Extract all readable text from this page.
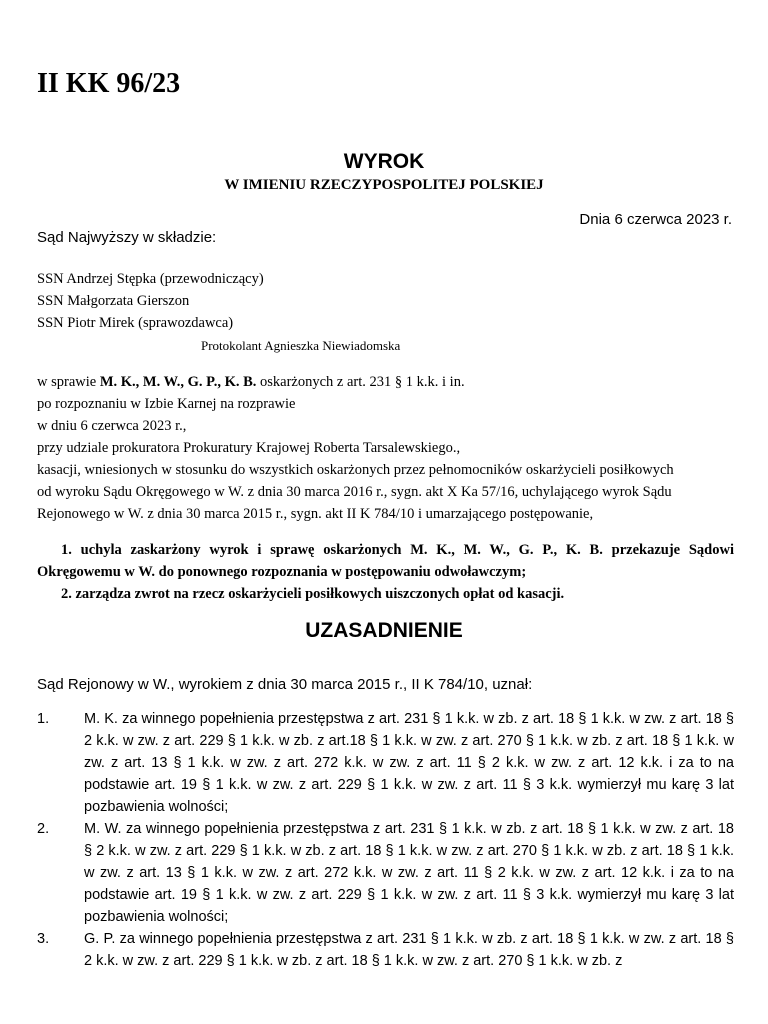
II KK 96/23
WYROK
W IMIENIU RZECZYPOSPOLITEJ POLSKIEJ
Dnia 6 czerwca 2023 r.
Sąd Najwyższy w składzie:
SSN Andrzej Stępka (przewodniczący)
SSN Małgorzata Gierszon
SSN Piotr Mirek (sprawozdawca)
Protokolant Agnieszka Niewiadomska
w sprawie M. K., M. W., G. P., K. B. oskarżonych z art. 231 § 1 k.k. i in.
po rozpoznaniu w Izbie Karnej na rozprawie
w dniu 6 czerwca 2023 r.,
przy udziale prokuratora Prokuratury Krajowej Roberta Tarsalewskiego.,
kasacji, wniesionych w stosunku do wszystkich oskarżonych przez pełnomocników oskarżycieli posiłkowych
od wyroku Sądu Okręgowego w W. z dnia 30 marca 2016 r., sygn. akt X Ka 57/16, uchylającego wyrok Sądu
Rejonowego w W. z dnia 30 marca 2015 r., sygn. akt II K 784/10 i umarzającego postępowanie,
1. uchyla zaskarżony wyrok i sprawę oskarżonych M. K., M. W., G. P., K. B. przekazuje Sądowi Okręgowemu w W. do ponownego rozpoznania w postępowaniu odwoławczym;
2. zarządza zwrot na rzecz oskarżycieli posiłkowych uiszczonych opłat od kasacji.
UZASADNIENIE
Sąd Rejonowy w W., wyrokiem z dnia 30 marca 2015 r., II K 784/10, uznał:
1. M. K. za winnego popełnienia przestępstwa z art. 231 § 1 k.k. w zb. z art. 18 § 1 k.k. w zw. z art. 18 § 2 k.k. w zw. z art. 229 § 1 k.k. w zb. z art.18 § 1 k.k. w zw. z art. 270 § 1 k.k. w zb. z art. 18 § 1 k.k. w zw. z art. 13 § 1 k.k. w zw. z art. 272 k.k. w zw. z art. 11 § 2 k.k. w zw. z art. 12 k.k. i za to na podstawie art. 19 § 1 k.k. w zw. z art. 229 § 1 k.k. w zw. z art. 11 § 3 k.k. wymierzył mu karę 3 lat pozbawienia wolności;
2. M. W. za winnego popełnienia przestępstwa z art. 231 § 1 k.k. w zb. z art. 18 § 1 k.k. w zw. z art. 18 § 2 k.k. w zw. z art. 229 § 1 k.k. w zb. z art. 18 § 1 k.k. w zw. z art. 270 § 1 k.k. w zb. z art. 18 § 1 k.k. w zw. z art. 13 § 1 k.k. w zw. z art. 272 k.k. w zw. z art. 11 § 2 k.k. w zw. z art. 12 k.k. i za to na podstawie art. 19 § 1 k.k. w zw. z art. 229 § 1 k.k. w zw. z art. 11 § 3 k.k. wymierzył mu karę 3 lat pozbawienia wolności;
3. G. P. za winnego popełnienia przestępstwa z art. 231 § 1 k.k. w zb. z art. 18 § 1 k.k. w zw. z art. 18 § 2 k.k. w zw. z art. 229 § 1 k.k. w zb. z art. 18 § 1 k.k. w zw. z art. 270 § 1 k.k. w zb. z
